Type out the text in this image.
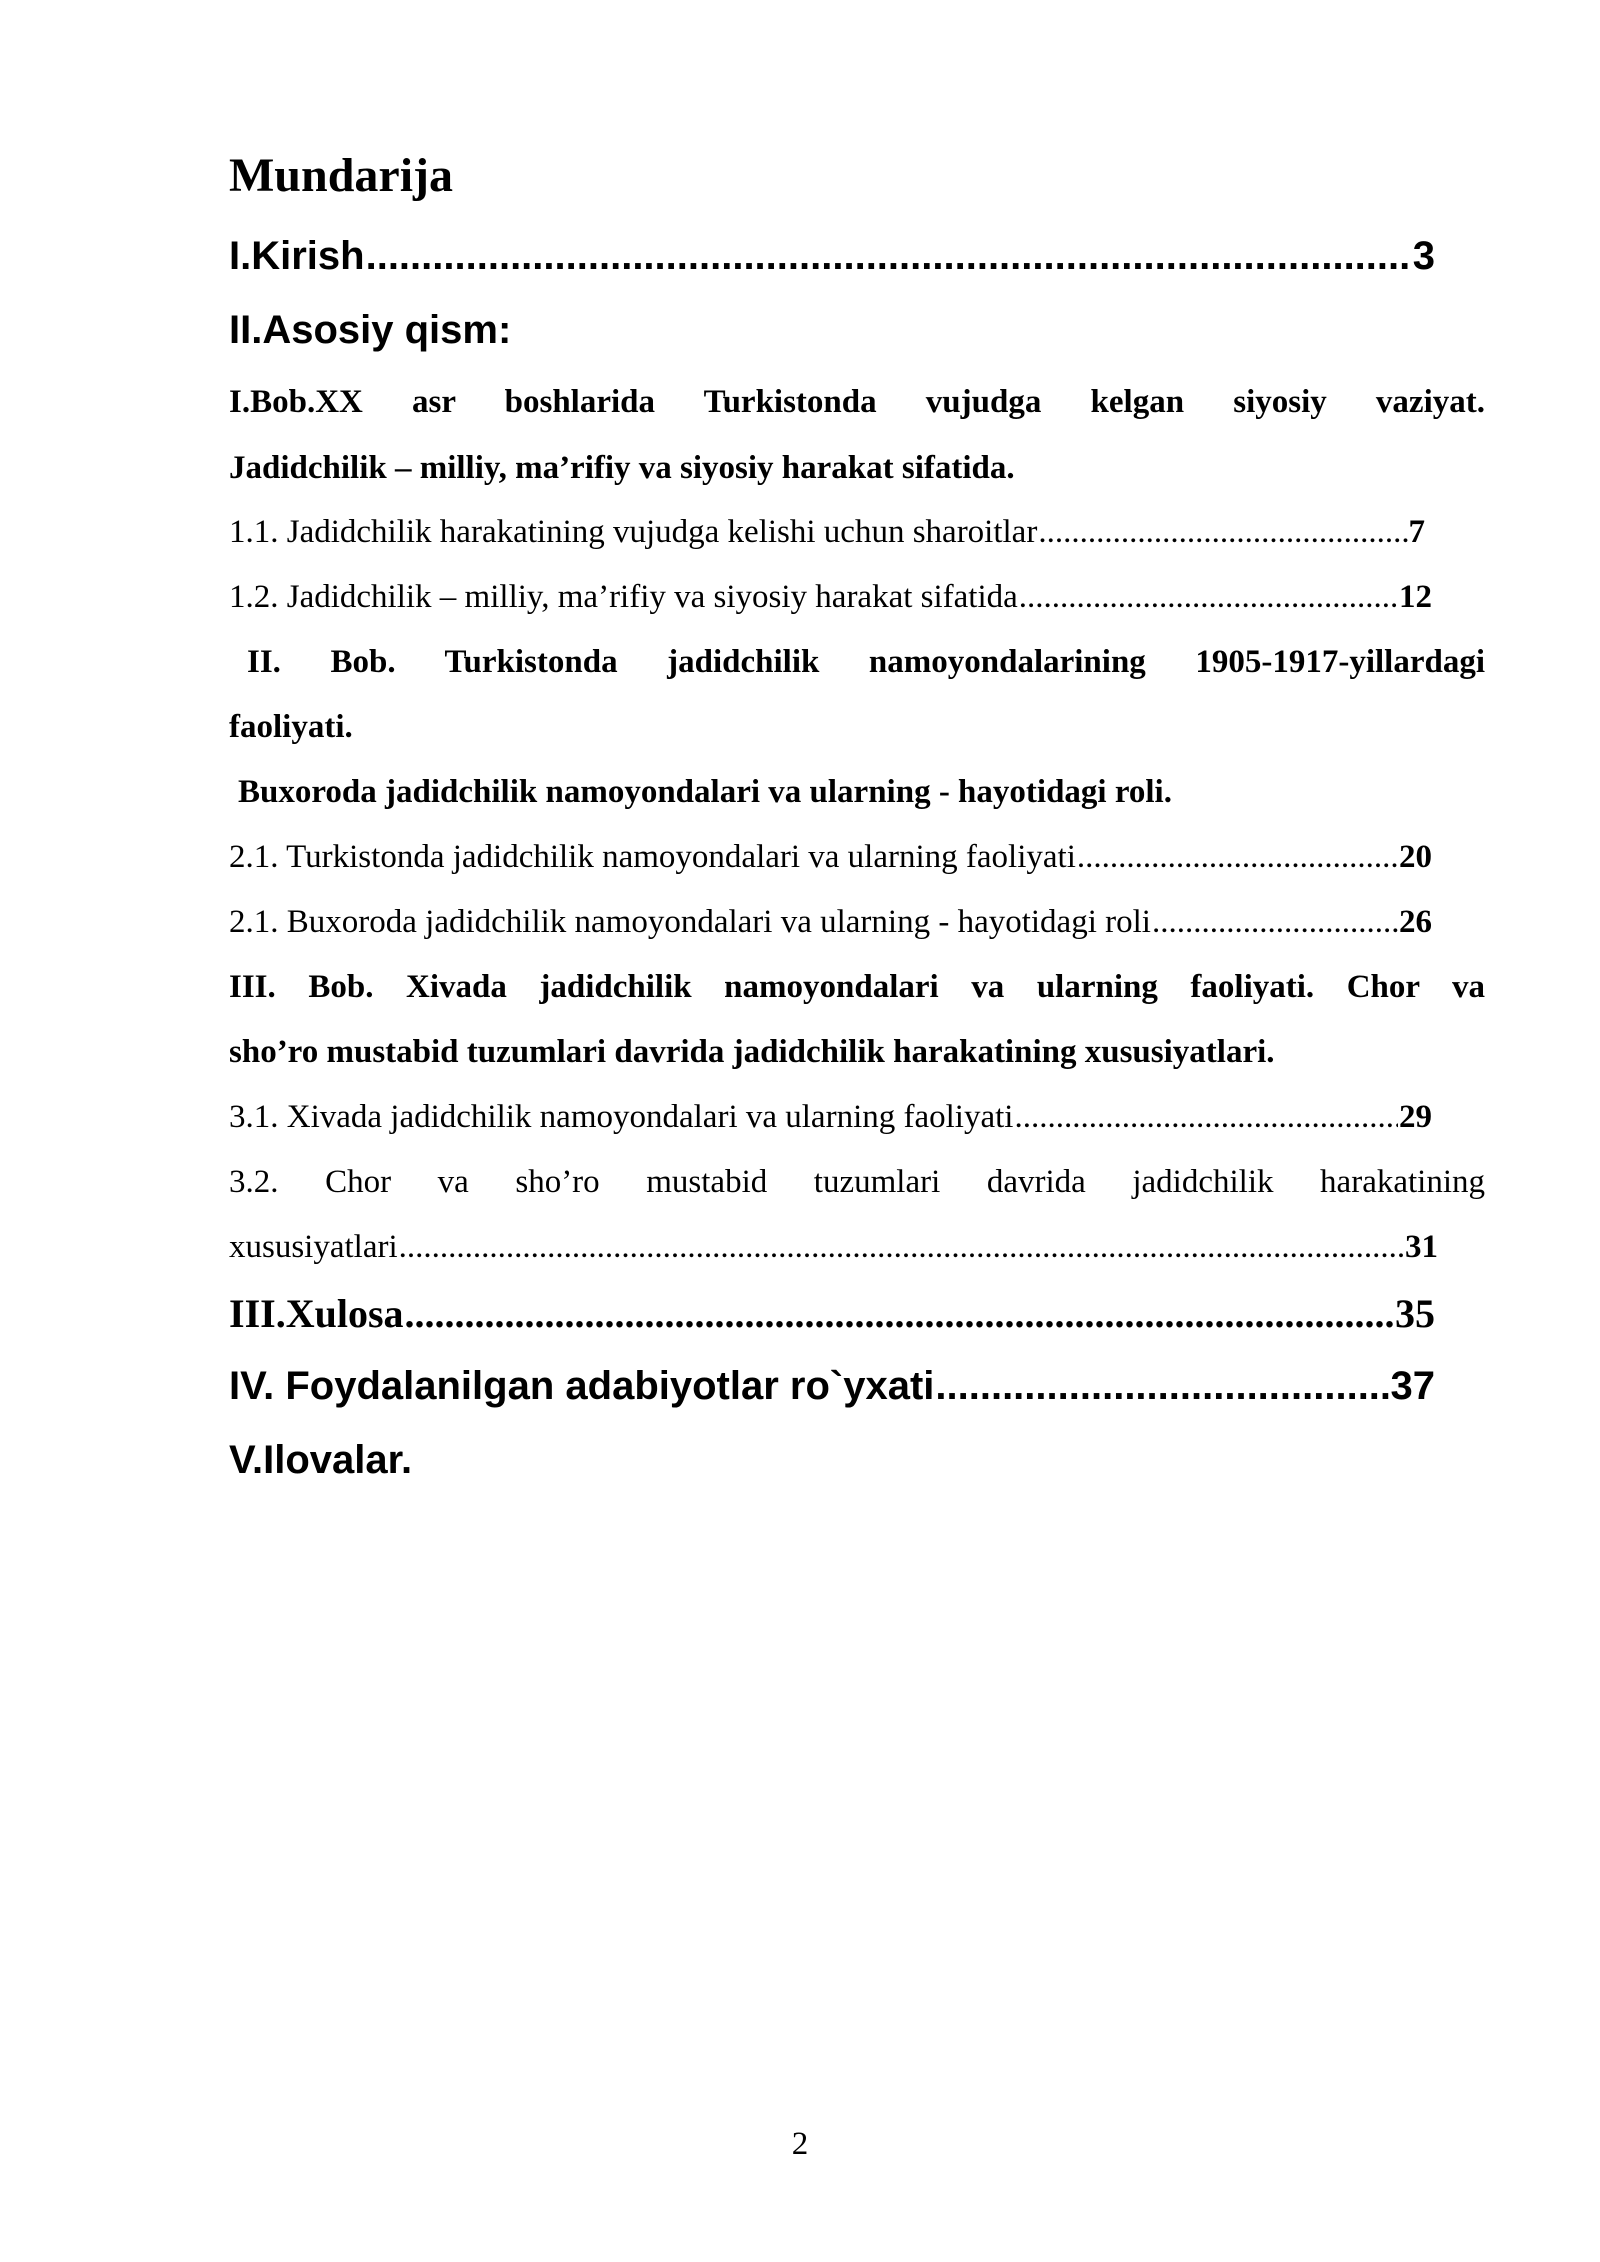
Mundarija
I.Kirish .....	3
II.Asosiy qism:
I.Bob.XX asr boshlarida Turkistonda vujudga kelgan siyosiy vaziyat.
Jadidchilik – milliy, ma’rifiy va siyosiy harakat sifatida.
1.1. Jadidchilik harakatining vujudga kelishi uchun sharoitlar .....	7
1.2. Jadidchilik – milliy, ma’rifiy va siyosiy harakat sifatida .....	12
II. Bob. Turkistonda jadidchilik namoyondalarining 1905-1917-yillardagi
faoliyati.
Buxoroda jadidchilik namoyondalari va ularning - hayotidagi roli.
2.1. Turkistonda jadidchilik namoyondalari va ularning faoliyati .....	20
2.1. Buxoroda jadidchilik namoyondalari va ularning - hayotidagi roli .....	26
III. Bob. Xivada jadidchilik namoyondalari va ularning faoliyati. Chor va
sho’ro mustabid tuzumlari davrida jadidchilik harakatining xususiyatlari.
3.1. Xivada jadidchilik namoyondalari va ularning faoliyati .....	29
3.2. Chor va sho’ro mustabid tuzumlari davrida jadidchilik harakatining
xususiyatlari .....	31
III.Xulosa .....	35
IV. Foydalanilgan adabiyotlar ro`yxati .....	37
V.Ilovalar.
2
